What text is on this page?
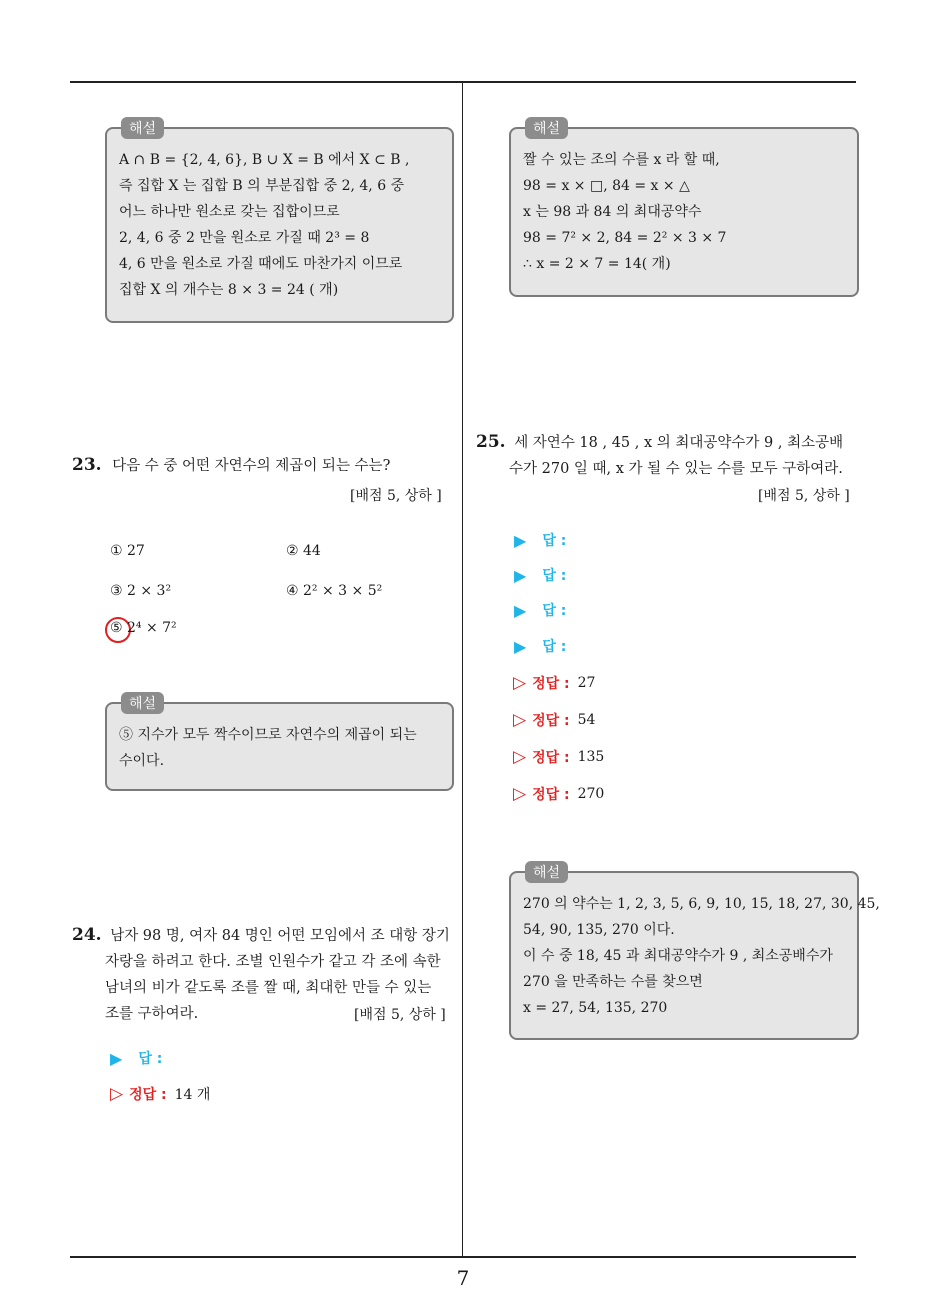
해설
A ∩ B = {2, 4, 6}, B ∪ X = B 에서 X ⊂ B ,
즉 집합 X 는 집합 B 의 부분집합 중 2, 4, 6 중
어느 하나만 원소로 갖는 집합이므로
2, 4, 6 중 2 만을 원소로 가질 때 2³ = 8
4, 6 만을 원소로 가질 때에도 마찬가지 이므로
집합 X 의 개수는 8 × 3 = 24 ( 개)
23. 다음 수 중 어떤 자연수의 제곱이 되는 수는?
[배점 5, 상하 ]
① 27	② 44
③ 2 × 3²	④ 2² × 3 × 5²
⑤ 2⁴ × 7²
해설
⑤ 지수가 모두 짝수이므로 자연수의 제곱이 되는
수이다.
24. 남자 98 명, 여자 84 명인 어떤 모임에서 조 대항 장기
자랑을 하려고 한다. 조별 인원수가 같고 각 조에 속한
남녀의 비가 같도록 조를 짤 때, 최대한 만들 수 있는
조를 구하여라.	[배점 5, 상하 ]
▶ 답 :
▷ 정답 : 14 개
해설
짤 수 있는 조의 수를 x 라 할 때,
98 = x × □, 84 = x × △
x 는 98 과 84 의 최대공약수
98 = 7² × 2, 84 = 2² × 3 × 7
∴ x = 2 × 7 = 14( 개)
25. 세 자연수 18 , 45 , x 의 최대공약수가 9 , 최소공배
수가 270 일 때, x 가 될 수 있는 수를 모두 구하여라.
[배점 5, 상하 ]
▶ 답 :
▶ 답 :
▶ 답 :
▶ 답 :
▷ 정답 : 27
▷ 정답 : 54
▷ 정답 : 135
▷ 정답 : 270
해설
270 의 약수는 1, 2, 3, 5, 6, 9, 10, 15, 18, 27, 30, 45,
54, 90, 135, 270 이다.
이 수 중 18, 45 과 최대공약수가 9 , 최소공배수가
270 을 만족하는 수를 찾으면
x = 27, 54, 135, 270
7
